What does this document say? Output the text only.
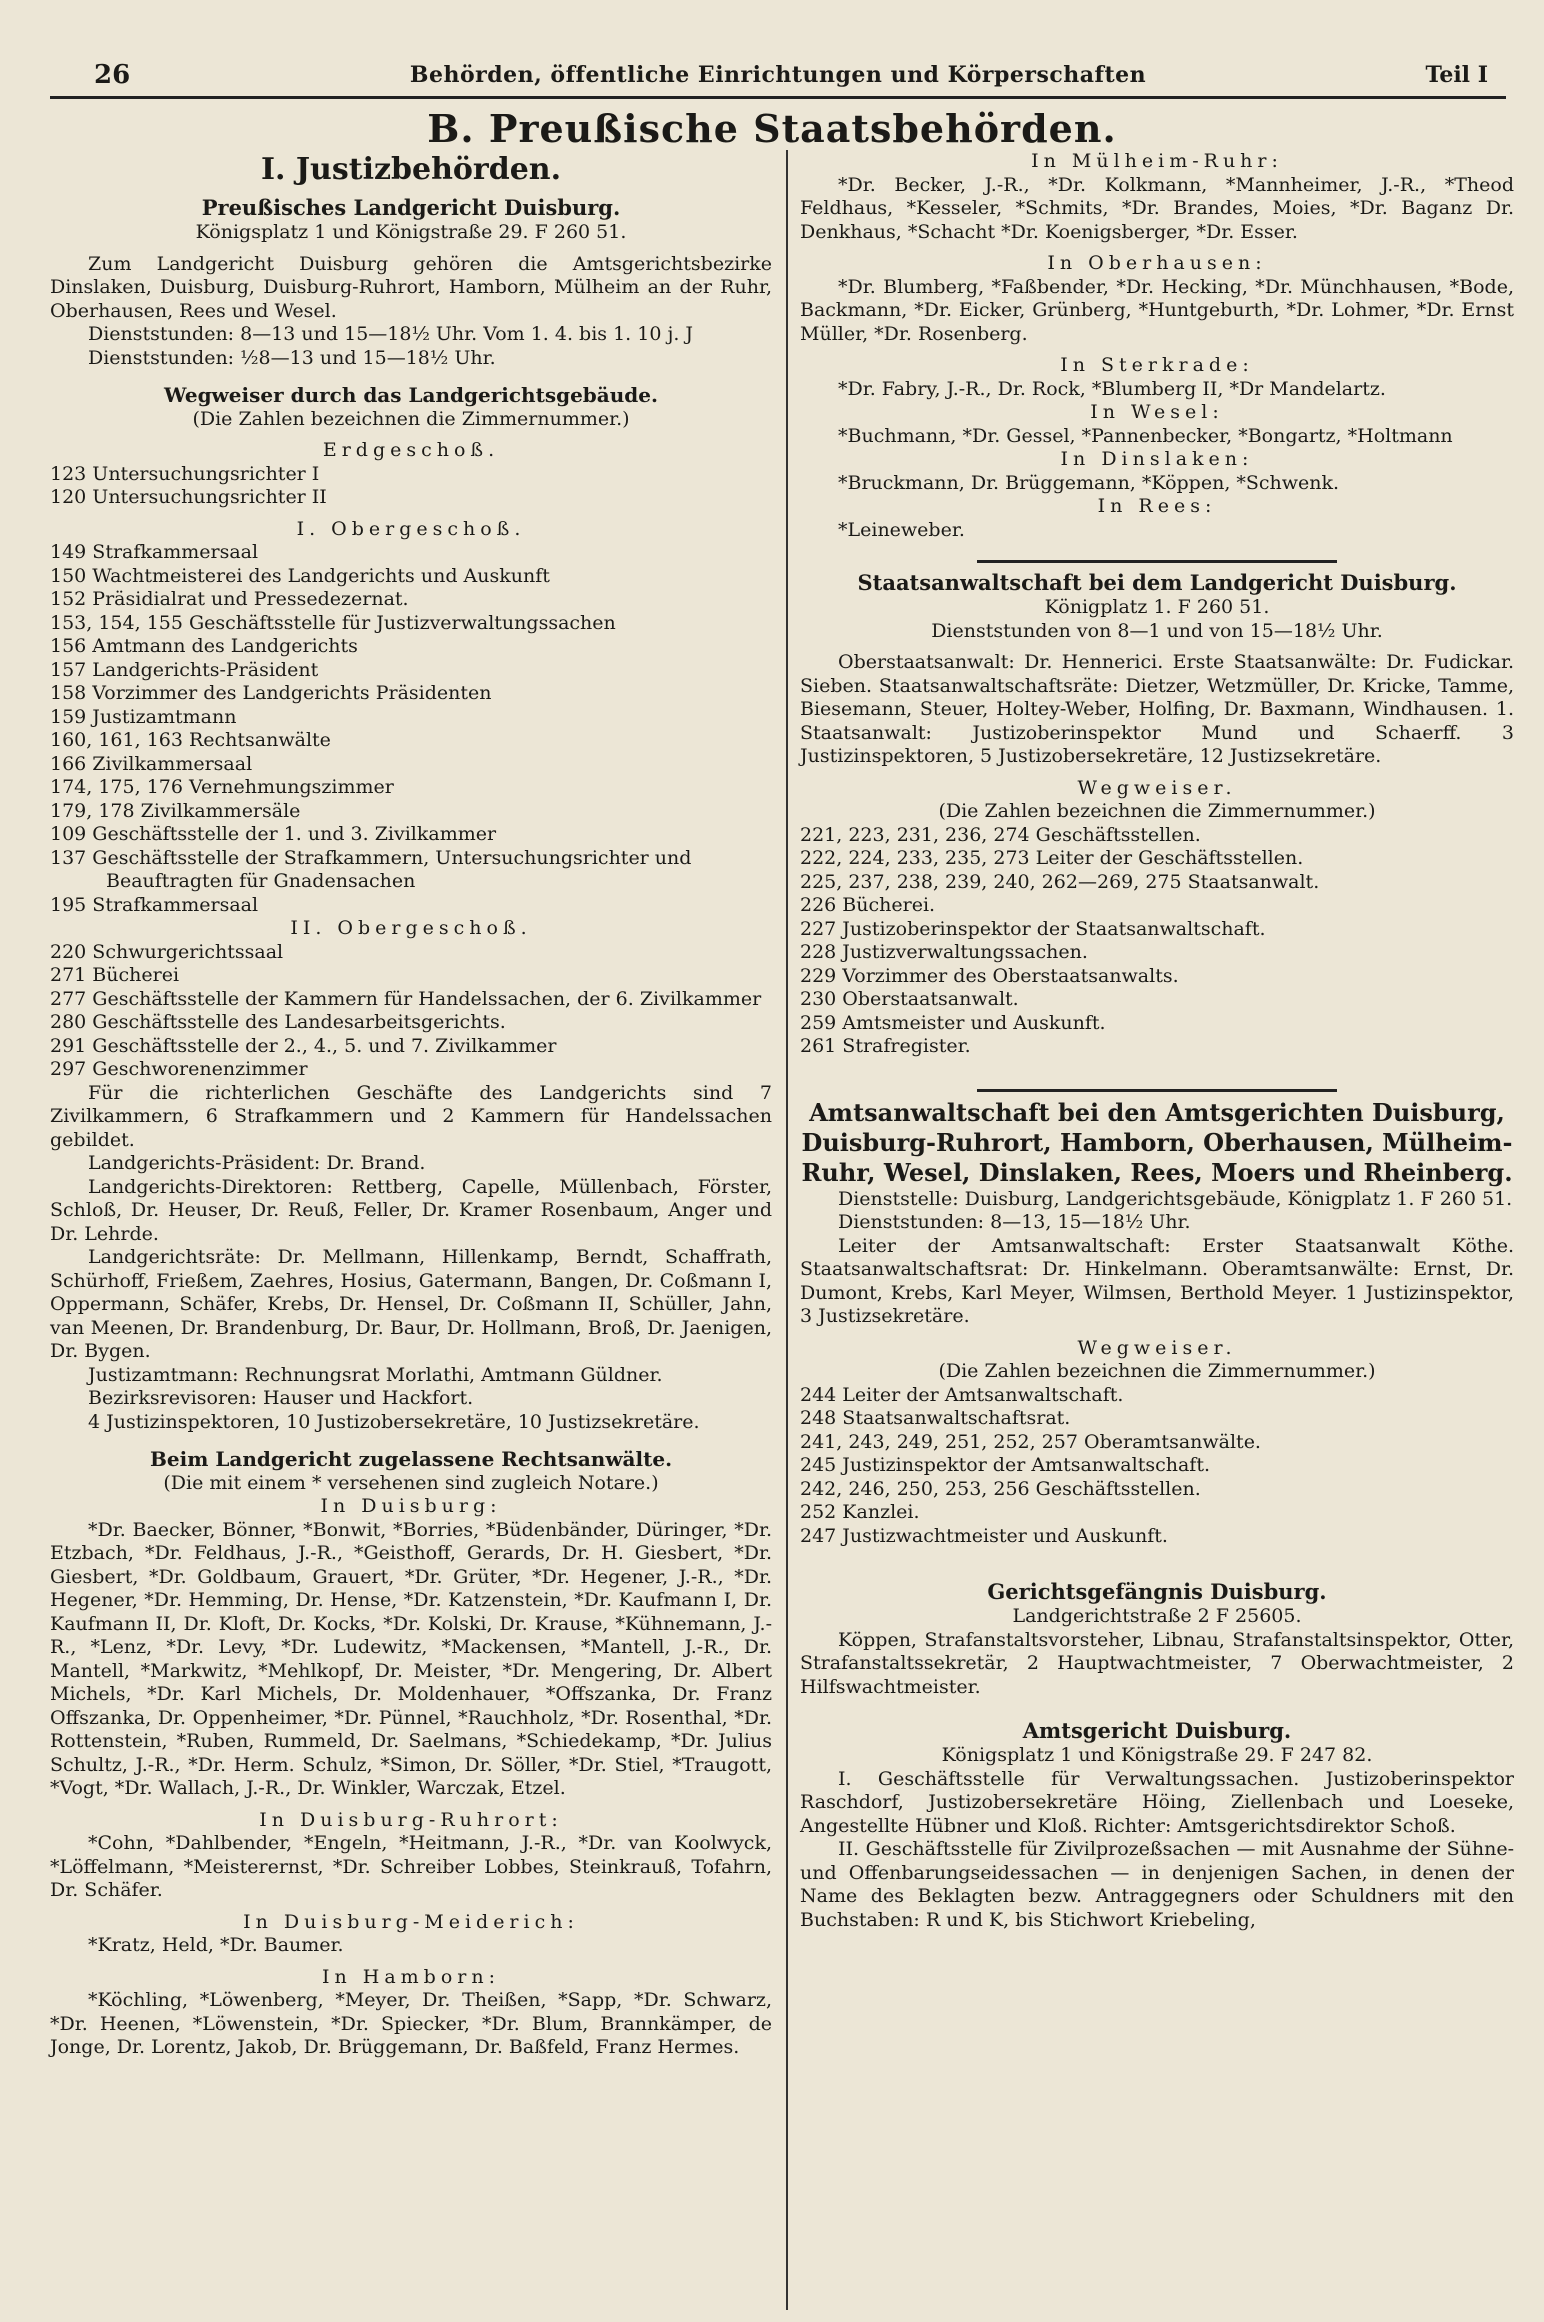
26	Behörden, öffentliche Einrichtungen und Körperschaften	Teil I
B. Preußische Staatsbehörden.
I. Justizbehörden.
Preußisches Landgericht Duisburg.

Königsplatz 1 und Königstraße 29. F 260 51.

Zum Landgericht Duisburg gehören die Amtsgerichtsbezirke Dinslaken, Duisburg, Duisburg-Ruhrort, Hamborn, Mülheim an der Ruhr, Oberhausen, Rees und Wesel.

Dienststunden: 8—13 und 15—18½ Uhr. Vom 1. 4. bis 1. 10 j. J

Dienststunden: ½8—13 und 15—18½ Uhr.

Wegweiser durch das Landgerichtsgebäude.

(Die Zahlen bezeichnen die Zimmernummer.)

Erdgeschoß.

123 Untersuchungsrichter I
120 Untersuchungsrichter II

I. Obergeschoß.

149 Strafkammersaal
150 Wachtmeisterei des Landgerichts und Auskunft
152 Präsidialrat und Pressedezernat.
153, 154, 155 Geschäftsstelle für Justizverwaltungssachen
156 Amtmann des Landgerichts
157 Landgerichts-Präsident
158 Vorzimmer des Landgerichts Präsidenten
159 Justizamtmann
160, 161, 163 Rechtsanwälte
166 Zivilkammersaal
174, 175, 176 Vernehmungszimmer
179, 178 Zivilkammersäle
109 Geschäftsstelle der 1. und 3. Zivilkammer
137 Geschäftsstelle der Strafkammern, Untersuchungsrichter und Beauftragten für Gnadensachen
195 Strafkammersaal

II. Obergeschoß.

220 Schwurgerichtssaal
271 Bücherei
277 Geschäftsstelle der Kammern für Handelssachen, der 6. Zivilkammer
280 Geschäftsstelle des Landesarbeitsgerichts.
291 Geschäftsstelle der 2., 4., 5. und 7. Zivilkammer
297 Geschworenenzimmer

Für die richterlichen Geschäfte des Landgerichts sind 7 Zivilkammern, 6 Strafkammern und 2 Kammern für Handelssachen gebildet.

Landgerichts-Präsident: Dr. Brand.

Landgerichts-Direktoren: Rettberg, Capelle, Müllenbach, Förster, Schloß, Dr. Heuser, Dr. Reuß, Feller, Dr. Kramer Rosenbaum, Anger und Dr. Lehrde.

Landgerichtsräte: Dr. Mellmann, Hillenkamp, Berndt, Schaffrath, Schürhoff, Frießem, Zaehres, Hosius, Gatermann, Bangen, Dr. Coßmann I, Oppermann, Schäfer, Krebs, Dr. Hensel, Dr. Coßmann II, Schüller, Jahn, van Meenen, Dr. Brandenburg, Dr. Baur, Dr. Hollmann, Broß, Dr. Jaenigen, Dr. Bygen.

Justizamtmann: Rechnungsrat Morlathi, Amtmann Güldner.

Bezirksrevisoren: Hauser und Hackfort.

4 Justizinspektoren, 10 Justizobersekretäre, 10 Justizsekretäre.

Beim Landgericht zugelassene Rechtsanwälte.

(Die mit einem * versehenen sind zugleich Notare.)

In Duisburg:

*Dr. Baecker, Bönner, *Bonwit, *Borries, *Büdenbänder, Düringer, *Dr. Etzbach, *Dr. Feldhaus, J.-R., *Geisthoff, Gerards, Dr. H. Giesbert, *Dr. Giesbert, *Dr. Goldbaum, Grauert, *Dr. Grüter, *Dr. Hegener, J.-R., *Dr. Hegener, *Dr. Hemming, Dr. Hense, *Dr. Katzenstein, *Dr. Kaufmann I, Dr. Kaufmann II, Dr. Kloft, Dr. Kocks, *Dr. Kolski, Dr. Krause, *Kühnemann, J.-R., *Lenz, *Dr. Levy, *Dr. Ludewitz, *Mackensen, *Mantell, J.-R., Dr. Mantell, *Markwitz, *Mehlkopf, Dr. Meister, *Dr. Mengering, Dr. Albert Michels, *Dr. Karl Michels, Dr. Moldenhauer, *Offszanka, Dr. Franz Offszanka, Dr. Oppenheimer, *Dr. Pünnel, *Rauchholz, *Dr. Rosenthal, *Dr. Rottenstein, *Ruben, Rummeld, Dr. Saelmans, *Schiedekamp, *Dr. Julius Schultz, J.-R., *Dr. Herm. Schulz, *Simon, Dr. Söller, *Dr. Stiel, *Traugott, *Vogt, *Dr. Wallach, J.-R., Dr. Winkler, Warczak, Etzel.

In Duisburg-Ruhrort:

*Cohn, *Dahlbender, *Engeln, *Heitmann, J.-R., *Dr. van Koolwyck, *Löffelmann, *Meisterernst, *Dr. Schreiber Lobbes, Steinkrauß, Tofahrn, Dr. Schäfer.

In Duisburg-Meiderich:

*Kratz, Held, *Dr. Baumer.

In Hamborn:

*Köchling, *Löwenberg, *Meyer, Dr. Theißen, *Sapp, *Dr. Schwarz, *Dr. Heenen, *Löwenstein, *Dr. Spiecker, *Dr. Blum, Brannkämper, de Jonge, Dr. Lorentz, Jakob, Dr. Brüggemann, Dr. Baßfeld, Franz Hermes.

In Mülheim-Ruhr:

*Dr. Becker, J.-R., *Dr. Kolkmann, *Mannheimer, J.-R., *Theod Feldhaus, *Kesseler, *Schmits, *Dr. Brandes, Moies, *Dr. Baganz Dr. Denkhaus, *Schacht *Dr. Koenigsberger, *Dr. Esser.

In Oberhausen:

*Dr. Blumberg, *Faßbender, *Dr. Hecking, *Dr. Münchhausen, *Bode, Backmann, *Dr. Eicker, Grünberg, *Huntgeburth, *Dr. Lohmer, *Dr. Ernst Müller, *Dr. Rosenberg.

In Sterkrade:

*Dr. Fabry, J.-R., Dr. Rock, *Blumberg II, *Dr Mandelartz.

In Wesel:

*Buchmann, *Dr. Gessel, *Pannenbecker, *Bongartz, *Holtmann

In Dinslaken:

*Bruckmann, Dr. Brüggemann, *Köppen, *Schwenk.

In Rees:

*Leineweber.

Staatsanwaltschaft bei dem Landgericht Duisburg.

Königplatz 1. F 260 51.

Dienststunden von 8—1 und von 15—18½ Uhr.

Oberstaatsanwalt: Dr. Hennerici. Erste Staatsanwälte: Dr. Fudickar. Sieben. Staatsanwaltschaftsräte: Dietzer, Wetzmüller, Dr. Kricke, Tamme, Biesemann, Steuer, Holtey-Weber, Holfing, Dr. Baxmann, Windhausen. 1. Staatsanwalt: Justizoberinspektor Mund und Schaerff. 3 Justizinspektoren, 5 Justizobersekretäre, 12 Justizsekretäre.

Wegweiser.

(Die Zahlen bezeichnen die Zimmernummer.)

221, 223, 231, 236, 274 Geschäftsstellen.
222, 224, 233, 235, 273 Leiter der Geschäftsstellen.
225, 237, 238, 239, 240, 262—269, 275 Staatsanwalt.
226 Bücherei.
227 Justizoberinspektor der Staatsanwaltschaft.
228 Justizverwaltungssachen.
229 Vorzimmer des Oberstaatsanwalts.
230 Oberstaatsanwalt.
259 Amtsmeister und Auskunft.
261 Strafregister.
Amtsanwaltschaft bei den Amtsgerichten Duisburg, Duisburg-Ruhrort, Hamborn, Oberhausen, Mülheim-Ruhr, Wesel, Dinslaken, Rees, Moers und Rheinberg.

Dienststelle: Duisburg, Landgerichtsgebäude, Königplatz 1. F 260 51.

Dienststunden: 8—13, 15—18½ Uhr.

Leiter der Amtsanwaltschaft: Erster Staatsanwalt Köthe. Staatsanwaltschaftsrat: Dr. Hinkelmann. Oberamtsanwälte: Ernst, Dr. Dumont, Krebs, Karl Meyer, Wilmsen, Berthold Meyer. 1 Justizinspektor, 3 Justizsekretäre.

Wegweiser.

(Die Zahlen bezeichnen die Zimmernummer.)

244 Leiter der Amtsanwaltschaft.
248 Staatsanwaltschaftsrat.
241, 243, 249, 251, 252, 257 Oberamtsanwälte.
245 Justizinspektor der Amtsanwaltschaft.
242, 246, 250, 253, 256 Geschäftsstellen.
252 Kanzlei.
247 Justizwachtmeister und Auskunft.
Gerichtsgefängnis Duisburg.

Landgerichtstraße 2 F 25605.

Köppen, Strafanstaltsvorsteher, Libnau, Strafanstaltsinspektor, Otter, Strafanstaltssekretär, 2 Hauptwachtmeister, 7 Oberwachtmeister, 2 Hilfswachtmeister.

Amtsgericht Duisburg.

Königsplatz 1 und Königstraße 29. F 247 82.

I. Geschäftsstelle für Verwaltungssachen. Justizoberinspektor Raschdorf, Justizobersekretäre Höing, Ziellenbach und Loeseke, Angestellte Hübner und Kloß. Richter: Amtsgerichtsdirektor Schoß.

II. Geschäftsstelle für Zivilprozeßsachen — mit Ausnahme der Sühne- und Offenbarungseidessachen — in denjenigen Sachen, in denen der Name des Beklagten bezw. Antraggegners oder Schuldners mit den Buchstaben: R und K, bis Stichwort Kriebeling,
